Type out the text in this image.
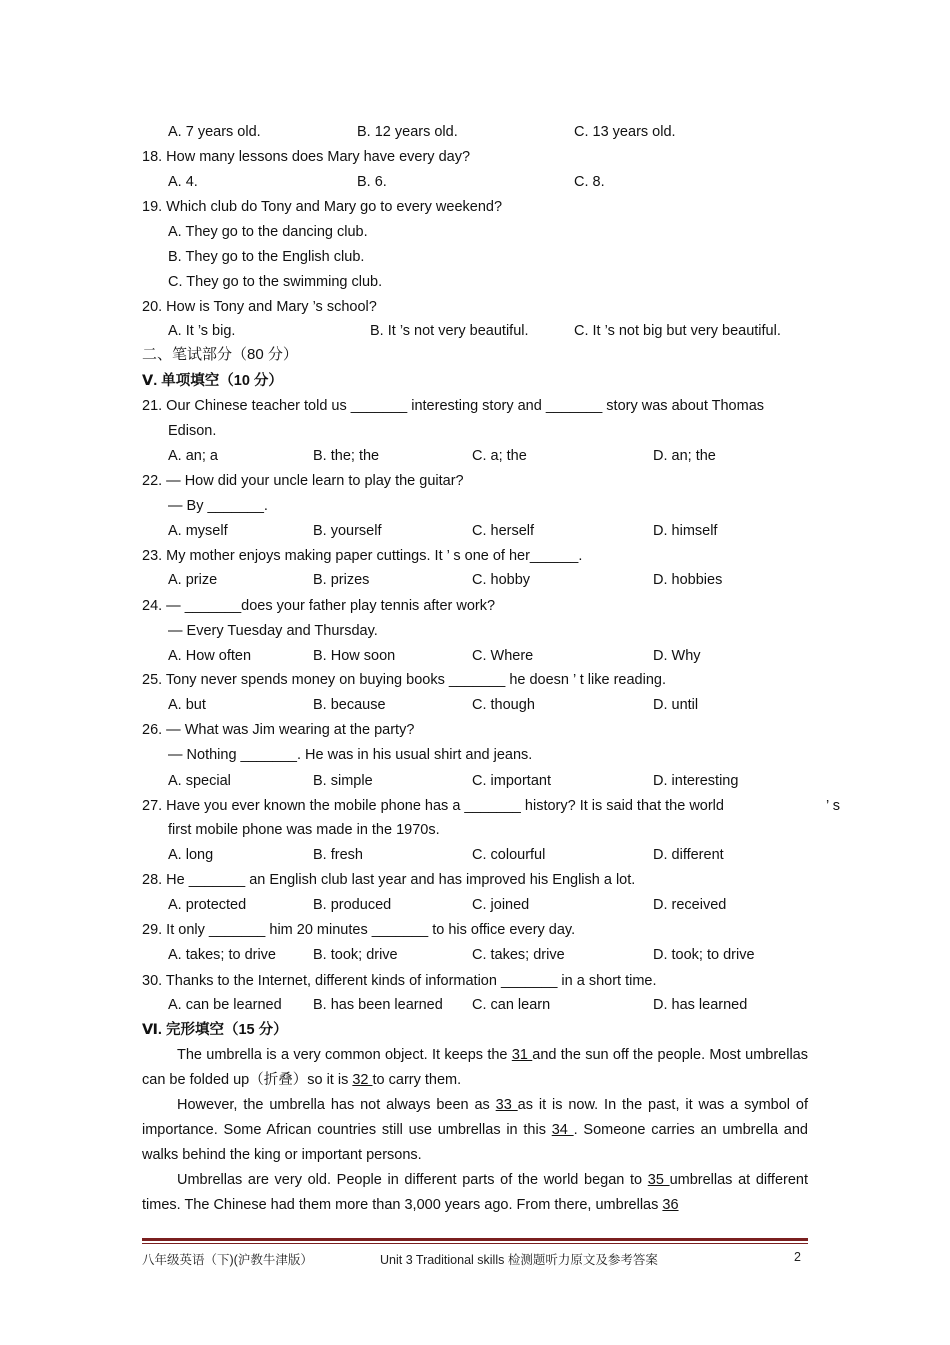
A. 7 years old.	B. 12 years old.	C. 13 years old.
18. How many lessons does Mary have every day?
A. 4.	B. 6.	C. 8.
19. Which club do Tony and Mary go to every weekend?
A. They go to the dancing club.
B. They go to the English club.
C. They go to the swimming club.
20. How is Tony and Mary ’s school?
A. It ’s big.	B. It ’s not very beautiful.	C. It ’s not big but very beautiful.
二、笔试部分（80 分）
Ⅴ. 单项填空（10 分）
21. Our Chinese teacher told us _______ interesting story and _______ story was about Thomas
Edison.
A. an; a	B. the; the	C. a; the	D. an; the
22. — How did your uncle learn to play the guitar?
— By _______.
A. myself	B. yourself	C. herself	D. himself
23. My mother enjoys making paper cuttings. It ’ s one of her______.
A. prize	B. prizes	C. hobby	D. hobbies
24. — _______does your father play tennis after work?
— Every Tuesday and Thursday.
A. How often	B. How soon	C. Where	D. Why
25. Tony never spends money on buying books _______ he doesn ’ t like reading.
A. but	B. because	C. though	D. until
26. — What was Jim wearing at the party?
— Nothing _______. He was in his usual shirt and jeans.
A. special	B. simple	C. important	D. interesting
27. Have you ever known the mobile phone has a _______ history? It is said that the world	’ s
first mobile phone was made in the 1970s.
A. long	B. fresh	C. colourful	D. different
28. He _______ an English club last year and has improved his English a lot.
A. protected	B. produced	C. joined	D. received
29. It only _______ him 20 minutes _______ to his office every day.
A. takes; to drive	B. took; drive	C. takes; drive	D. took; to drive
30. Thanks to the Internet, different kinds of information _______ in a short time.
A. can be learned B. has been learned C. can learn	D. has learned
Ⅵ. 完形填空（15 分）

The umbrella is a very common object. It keeps the 31 and the sun off the people. Most umbrellas can be folded up（折叠）so it is 32 to carry them.

However, the umbrella has not always been as 33 as it is now. In the past, it was a symbol of importance. Some African countries still use umbrellas in this 34 . Someone carries an umbrella and walks behind the king or important persons.

Umbrellas are very old. People in different parts of the world began to 35 umbrellas at different times. The Chinese had them more than 3,000 years ago. From there, umbrellas 36

八年级英语（下)(沪教牛津版）	Unit 3 Traditional skills 检测题听力原文及参考答案	2
